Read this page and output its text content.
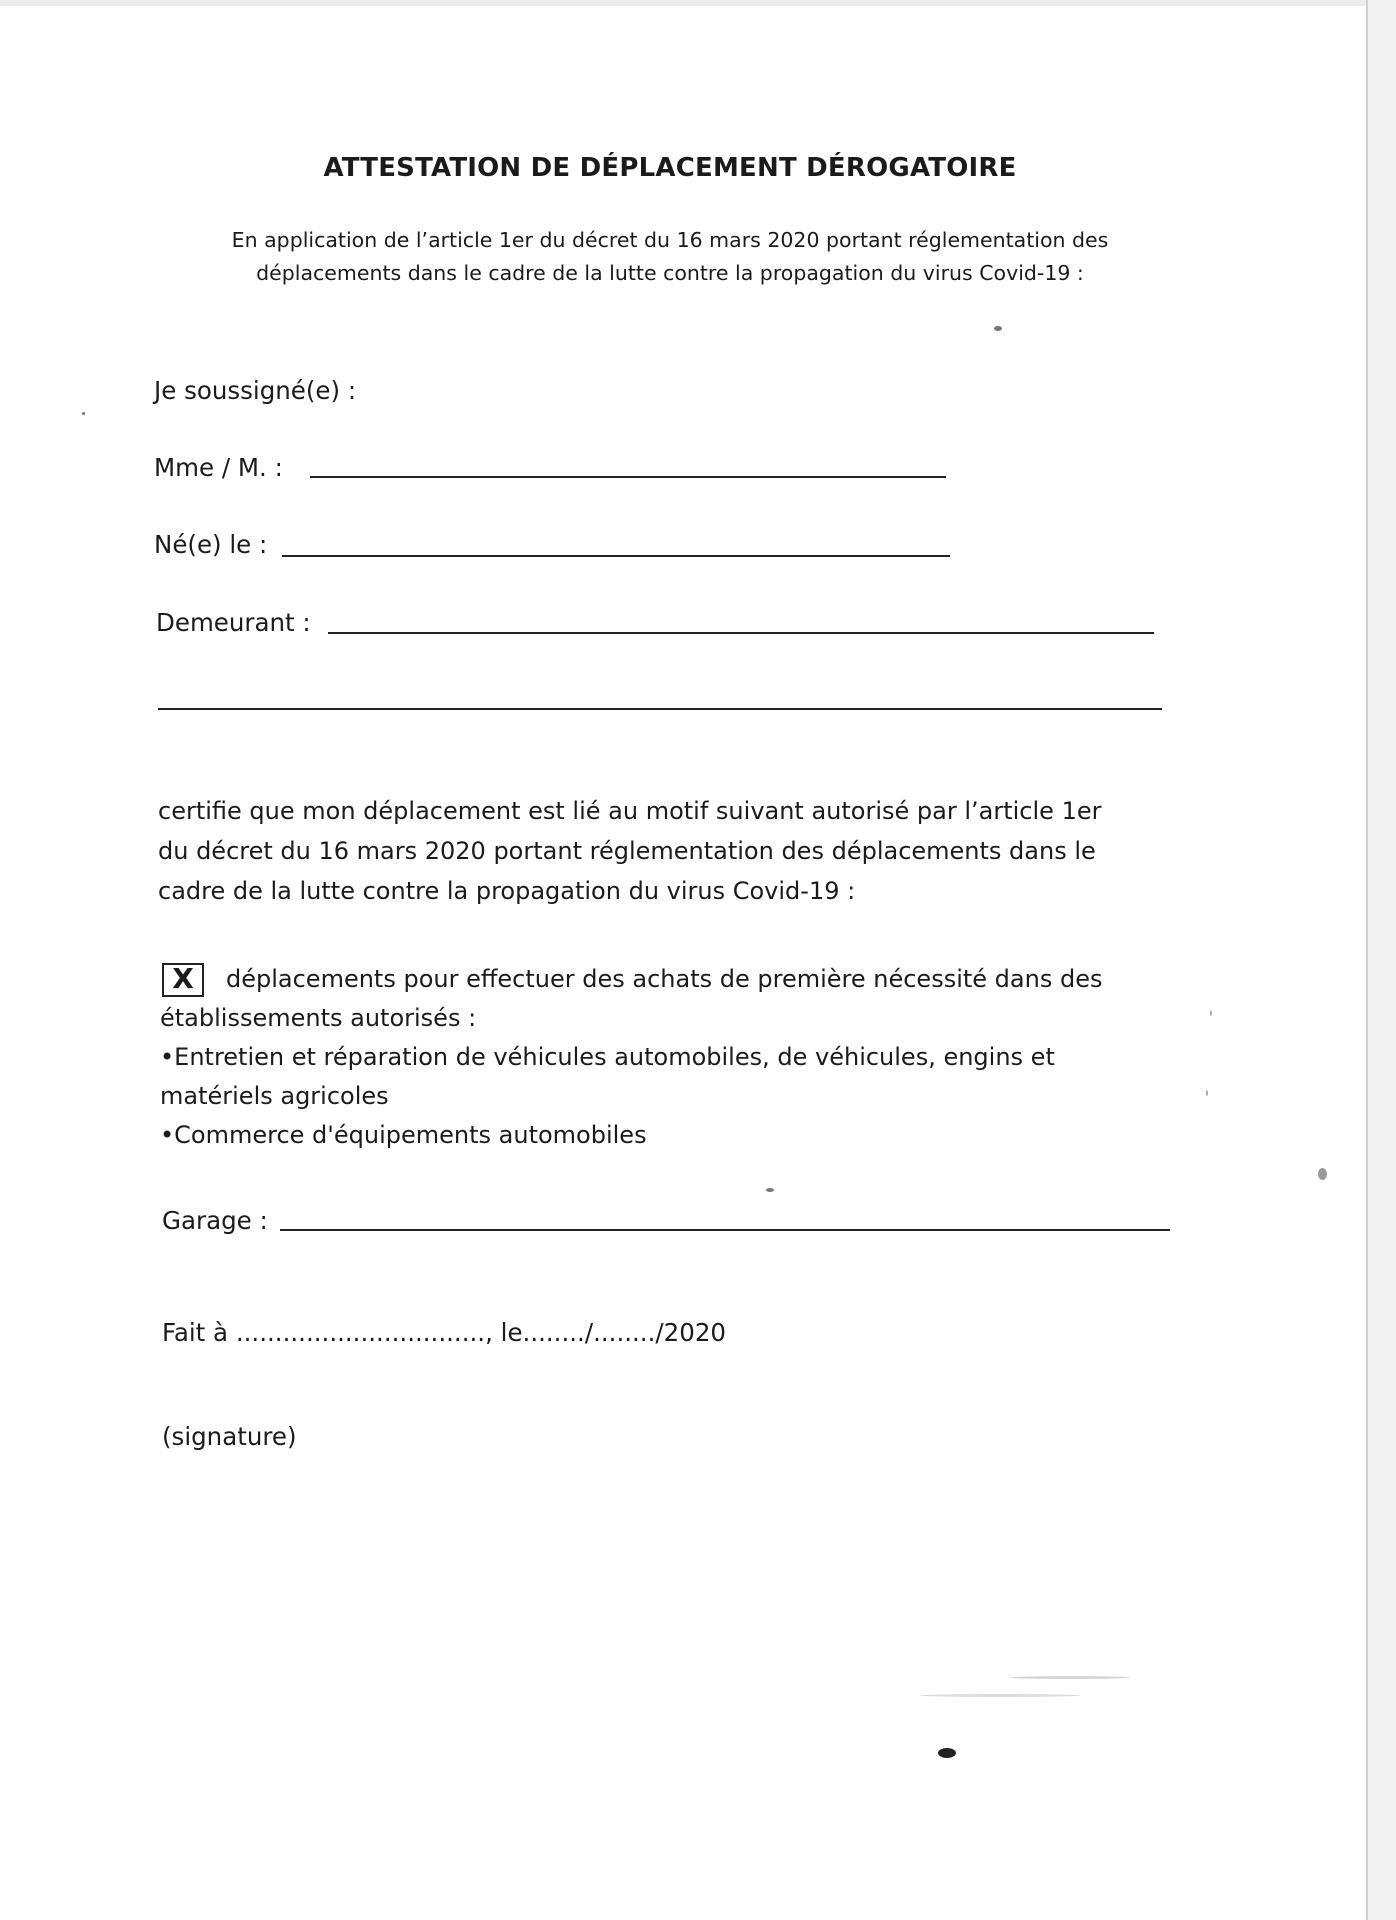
ATTESTATION DE DÉPLACEMENT DÉROGATOIRE
En application de l’article 1er du décret du 16 mars 2020 portant réglementation des
déplacements dans le cadre de la lutte contre la propagation du virus Covid-19 :
Je soussigné(e) :
Mme / M. :
Né(e) le :
Demeurant :
certifie que mon déplacement est lié au motif suivant autorisé par l’article 1er
du décret du 16 mars 2020 portant réglementation des déplacements dans le
cadre de la lutte contre la propagation du virus Covid-19 :
X	déplacements pour effectuer des achats de première nécessité dans des
établissements autorisés :
•Entretien et réparation de véhicules automobiles, de véhicules, engins et
matériels agricoles
•Commerce d'équipements automobiles
Garage :
Fait à ................................, le......../......../2020
(signature)
